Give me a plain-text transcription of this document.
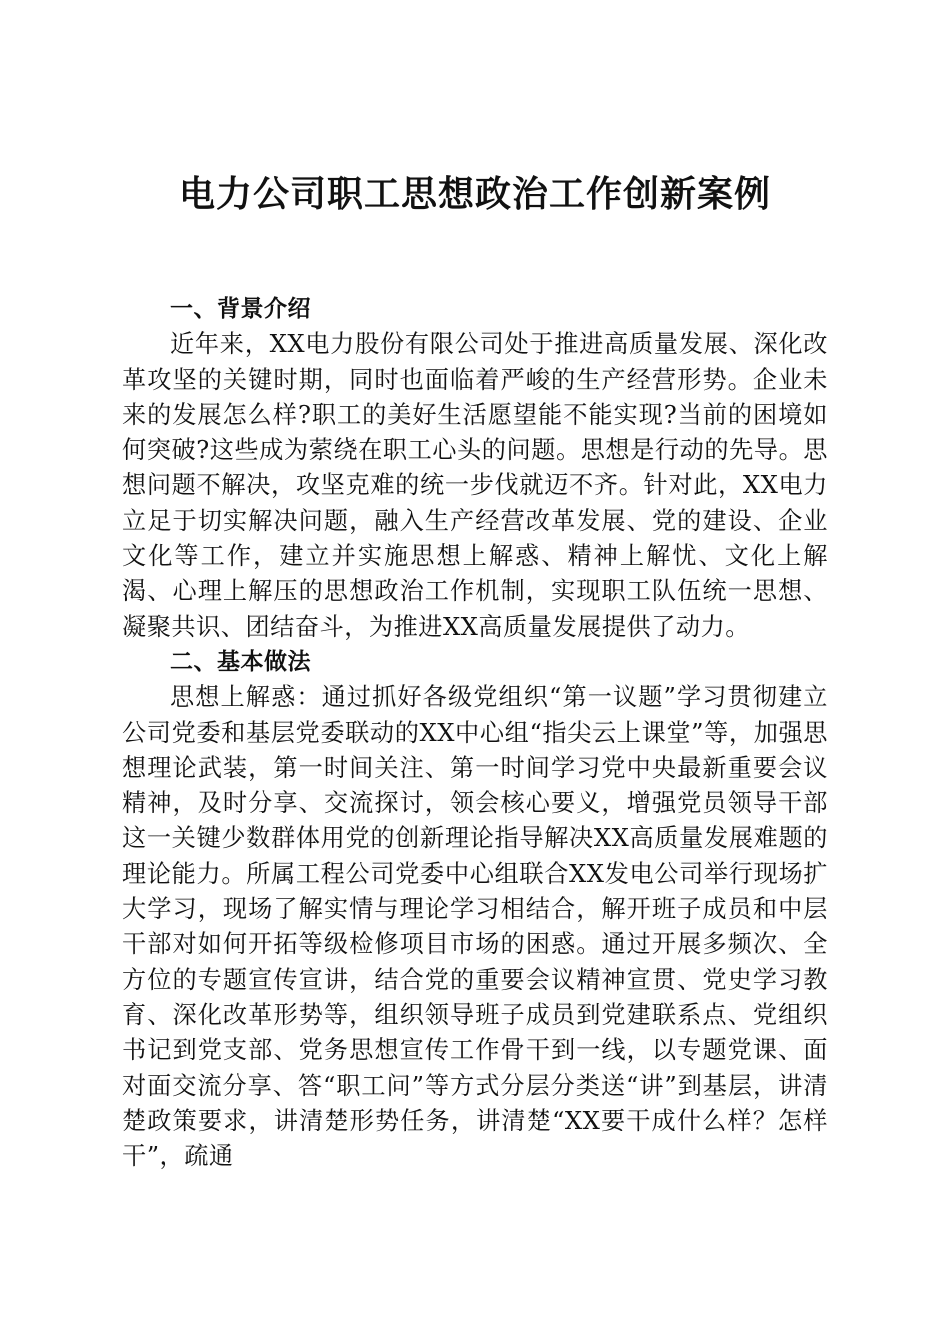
电力公司职工思想政治工作创新案例

一、背景介绍

近年来，XX电力股份有限公司处于推进高质量发展、深化改革攻坚的关键时期，同时也面临着严峻的生产经营形势。企业未来的发展怎么样?职工的美好生活愿望能不能实现?当前的困境如何突破?这些成为萦绕在职工心头的问题。思想是行动的先导。思想问题不解决，攻坚克难的统一步伐就迈不齐。针对此，XX电力立足于切实解决问题，融入生产经营改革发展、党的建设、企业文化等工作，建立并实施思想上解惑、精神上解忧、文化上解渴、心理上解压的思想政治工作机制，实现职工队伍统一思想、凝聚共识、团结奋斗，为推进XX高质量发展提供了动力。

二、基本做法

思想上解惑：通过抓好各级党组织“第一议题”学习贯彻建立公司党委和基层党委联动的XX中心组“指尖云上课堂”等，加强思想理论武装，第一时间关注、第一时间学习党中央最新重要会议精神，及时分享、交流探讨，领会核心要义，增强党员领导干部这一关键少数群体用党的创新理论指导解决XX高质量发展难题的理论能力。所属工程公司党委中心组联合XX发电公司举行现场扩大学习，现场了解实情与理论学习相结合，解开班子成员和中层干部对如何开拓等级检修项目市场的困惑。通过开展多频次、全方位的专题宣传宣讲，结合党的重要会议精神宣贯、党史学习教育、深化改革形势等，组织领导班子成员到党建联系点、党组织书记到党支部、党务思想宣传工作骨干到一线，以专题党课、面对面交流分享、答“职工问”等方式分层分类送“讲”到基层，讲清楚政策要求，讲清楚形势任务，讲清楚“XX要干成什么样？怎样干”，疏通
